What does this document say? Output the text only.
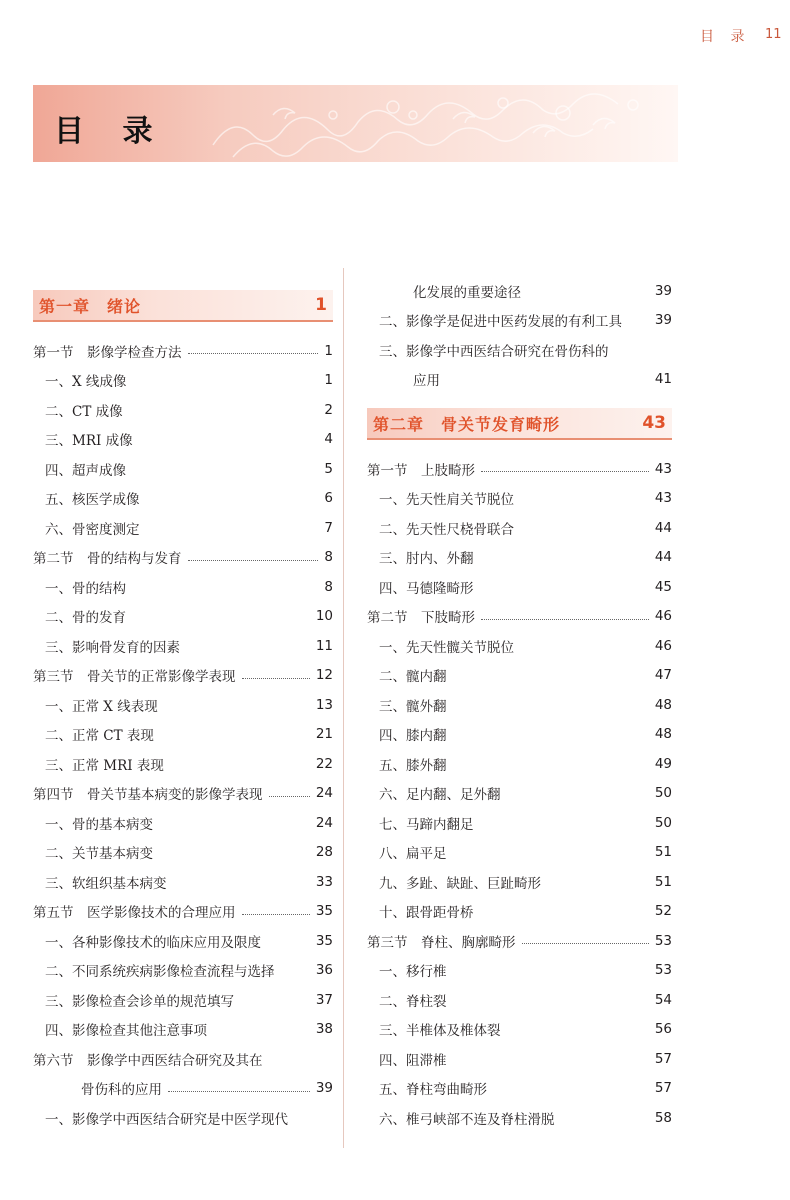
目 录 11
目 录
第一章　绪论	1
第一节　影像学检查方法	1
一、X 线成像	1
二、CT 成像	2
三、MRI 成像	4
四、超声成像	5
五、核医学成像	6
六、骨密度测定	7
第二节　骨的结构与发育	8
一、骨的结构	8
二、骨的发育	10
三、影响骨发育的因素	11
第三节　骨关节的正常影像学表现	12
一、正常 X 线表现	13
二、正常 CT 表现	21
三、正常 MRI 表现	22
第四节　骨关节基本病变的影像学表现	24
一、骨的基本病变	24
二、关节基本病变	28
三、软组织基本病变	33
第五节　医学影像技术的合理应用	35
一、各种影像技术的临床应用及限度	35
二、不同系统疾病影像检查流程与选择	36
三、影像检查会诊单的规范填写	37
四、影像检查其他注意事项	38
第六节　影像学中西医结合研究及其在
骨伤科的应用	39
一、影像学中西医结合研究是中医学现代
化发展的重要途径	39
二、影像学是促进中医药发展的有利工具 39
三、影像学中西医结合研究在骨伤科的
应用	41
第二章　骨关节发育畸形	43
第一节　上肢畸形	43
一、先天性肩关节脱位	43
二、先天性尺桡骨联合	44
三、肘内、外翻	44
四、马德隆畸形	45
第二节　下肢畸形	46
一、先天性髋关节脱位	46
二、髋内翻	47
三、髋外翻	48
四、膝内翻	48
五、膝外翻	49
六、足内翻、足外翻	50
七、马蹄内翻足	50
八、扁平足	51
九、多趾、缺趾、巨趾畸形	51
十、跟骨距骨桥	52
第三节　脊柱、胸廓畸形	53
一、移行椎	53
二、脊柱裂	54
三、半椎体及椎体裂	56
四、阻滞椎	57
五、脊柱弯曲畸形	57
六、椎弓峡部不连及脊柱滑脱	58
